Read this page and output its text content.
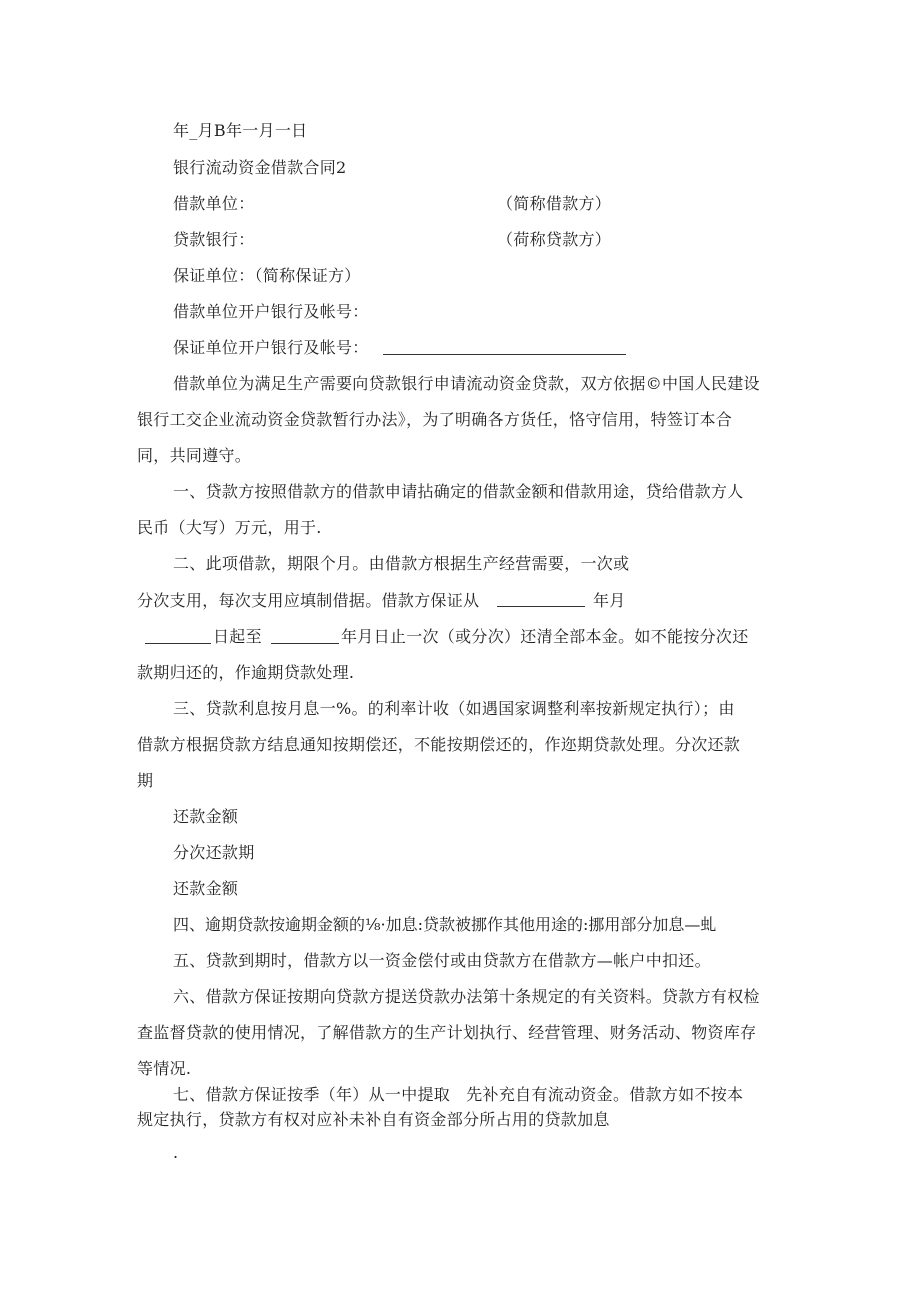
年_月B年一月一日
银行流动资金借款合同2
借款单位：	（简称借款方）
贷款银行：	（荷称贷款方）
保证单位：（简称保证方）
借款单位开户银行及帐号：
保证单位开户银行及帐号：
借款单位为满足生产需要向贷款银行申请流动资金贷款，双方依据©中国人民建设
银行工交企业流动资金贷款暂行办法》，为了明确各方货任，恪守信用，特签订本合
同，共同遵守。
一、贷款方按照借款方的借款申请拈确定的借款金额和借款用途，贷给借款方人
民币（大写）万元，用于.
二、此项借款，期限个月。由借款方根据生产经营需要，一次或
分次支用，每次支用应填制借据。借款方保证从	年月
日起至	年月日止一次（或分次）还清全部本金。如不能按分次还
款期归还的，作逾期贷款处理.
三、贷款利息按月息一%。的利率计收（如遇国家调整利率按新规定执行）；由
借款方根据贷款方结息通知按期偿还，不能按期偿还的，作迩期贷款处理。分次还款
期
还款金额
分次还款期
还款金额
四、逾期贷款按逾期金额的⅛·加息:贷款被挪作其他用途的:挪用部分加息—虬
五、贷款到期时，借款方以一资金偿付或由贷款方在借款方—帐户中扣还。
六、借款方保证按期向贷款方提送贷款办法第十条规定的有关资料。贷款方有权检
查监督贷款的使用情况，了解借款方的生产计划执行、经营管理、财务活动、物资库存
等情况.
七、借款方保证按季（年）从一中提取   先补充自有流动资金。借款方如不按本
规定执行，贷款方有权对应补未补自有资金部分所占用的贷款加息
.
